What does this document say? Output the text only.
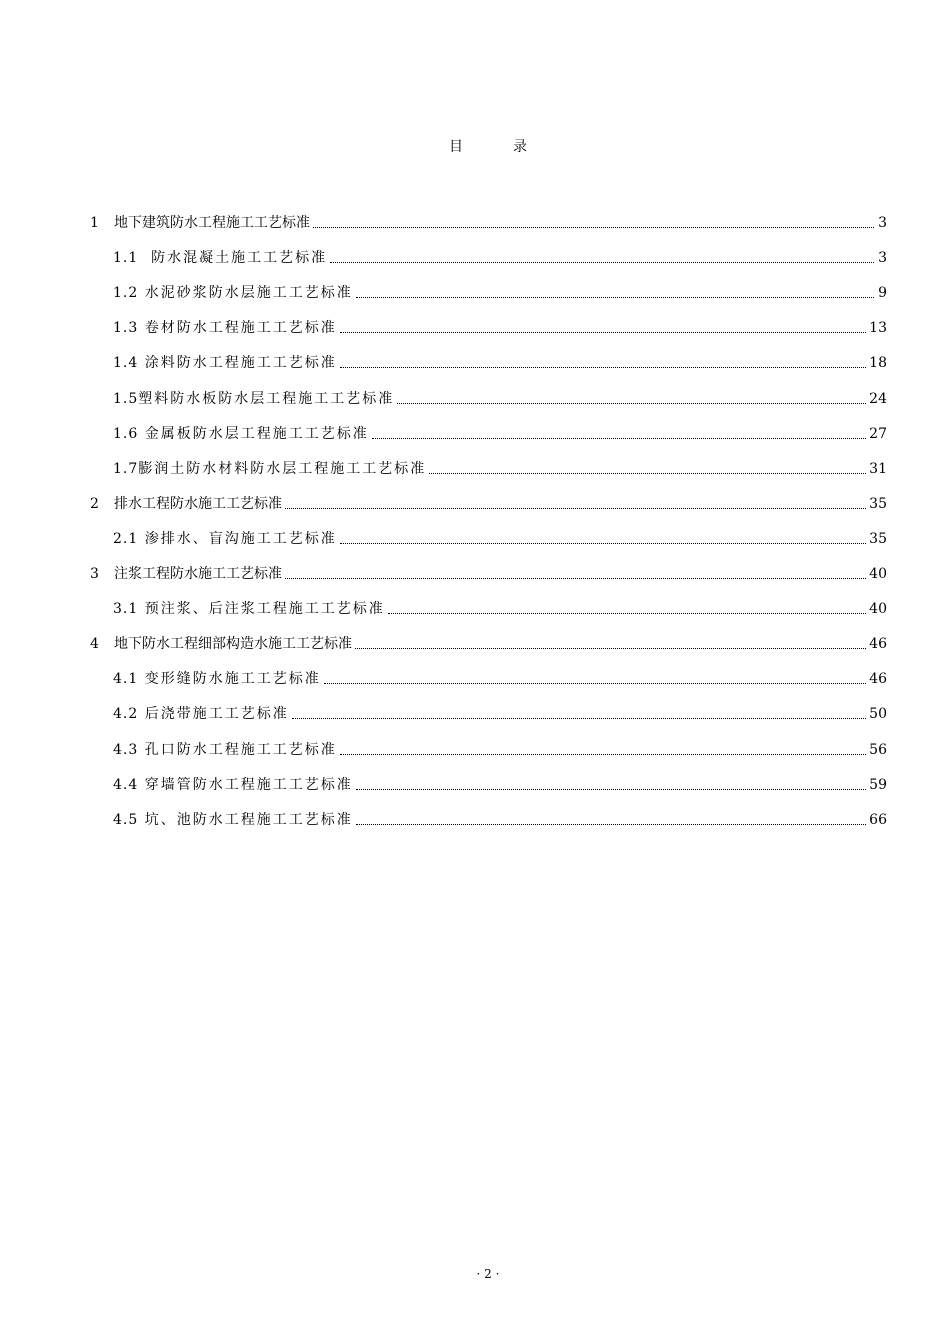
目	录
1	地下建筑防水工程施工工艺标准	3
1.1 防水混凝土施工工艺标准	3
1.2 水泥砂浆防水层施工工艺标准	9
1.3 卷材防水工程施工工艺标准	13
1.4 涂料防水工程施工工艺标准	18
1.5 塑料防水板防水层工程施工工艺标准	24
1.6 金属板防水层工程施工工艺标准	27
1.7 膨润土防水材料防水层工程施工工艺标准	31
2	排水工程防水施工工艺标准	35
2.1 渗排水、盲沟施工工艺标准	35
3	注浆工程防水施工工艺标准	40
3.1 预注浆、后注浆工程施工工艺标准	40
4	地下防水工程细部构造水施工工艺标准	46
4.1 变形缝防水施工工艺标准	46
4.2 后浇带施工工艺标准	50
4.3 孔口防水工程施工工艺标准	56
4.4 穿墙管防水工程施工工艺标准	59
4.5 坑、池防水工程施工工艺标准	66
· 2 ·
